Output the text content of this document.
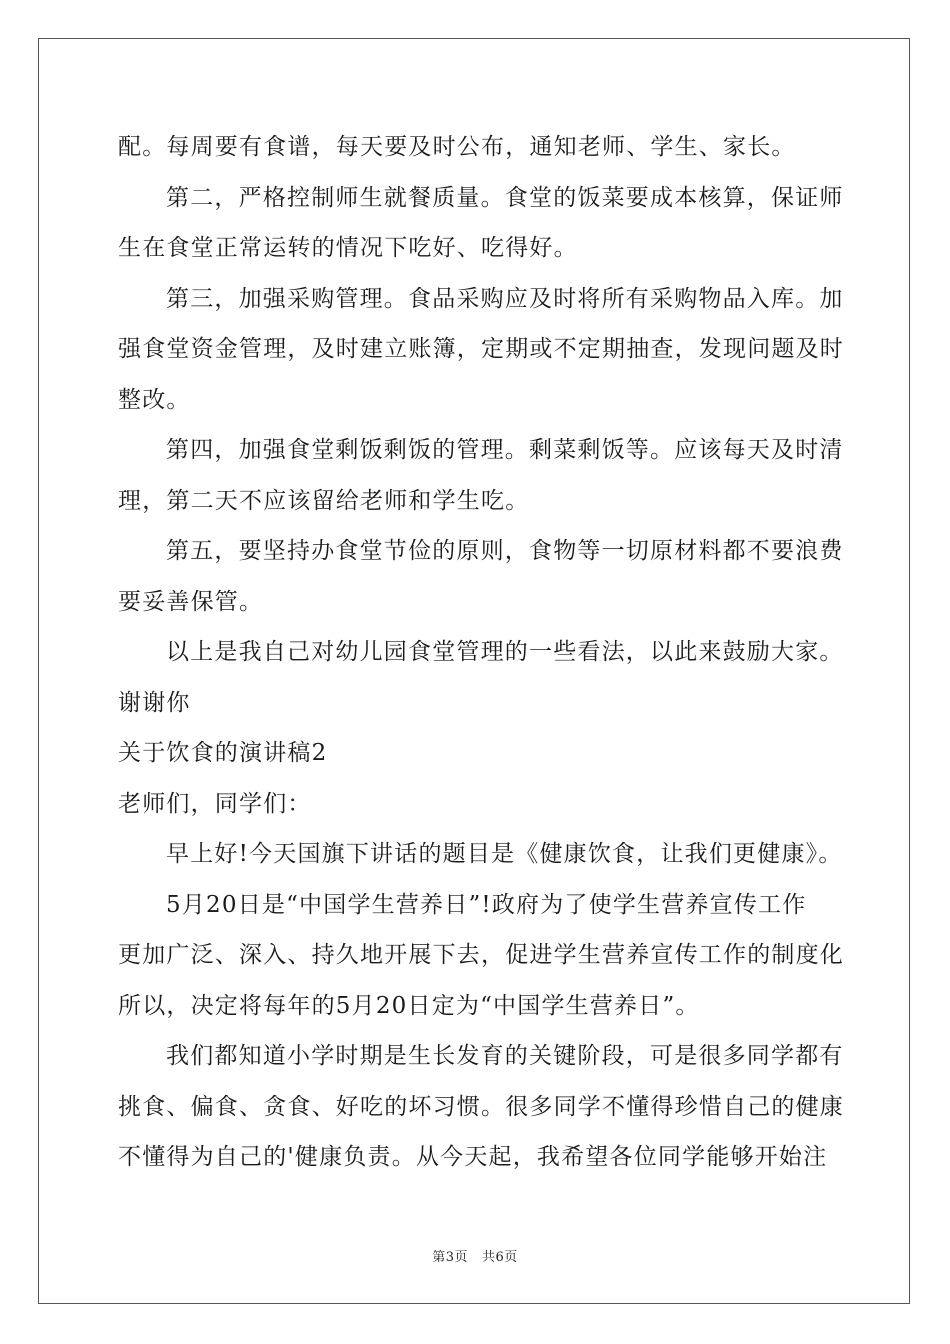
配。每周要有食谱，每天要及时公布，通知老师、学生、家长。
第二，严格控制师生就餐质量。食堂的饭菜要成本核算，保证师
生在食堂正常运转的情况下吃好、吃得好。
第三，加强采购管理。食品采购应及时将所有采购物品入库。加
强食堂资金管理，及时建立账簿，定期或不定期抽查，发现问题及时
整改。
第四，加强食堂剩饭剩饭的管理。剩菜剩饭等。应该每天及时清
理，第二天不应该留给老师和学生吃。
第五，要坚持办食堂节俭的原则，食物等一切原材料都不要浪费
要妥善保管。
以上是我自己对幼儿园食堂管理的一些看法，以此来鼓励大家。
谢谢你
关于饮食的演讲稿2
老师们，同学们：
早上好!今天国旗下讲话的题目是《健康饮食，让我们更健康》。
5月20日是“中国学生营养日”!政府为了使学生营养宣传工作
更加广泛、深入、持久地开展下去，促进学生营养宣传工作的制度化
所以，决定将每年的5月20日定为“中国学生营养日”。
我们都知道小学时期是生长发育的关键阶段，可是很多同学都有
挑食、偏食、贪食、好吃的坏习惯。很多同学不懂得珍惜自己的健康
不懂得为自己的'健康负责。从今天起，我希望各位同学能够开始注
第3页 共6页
